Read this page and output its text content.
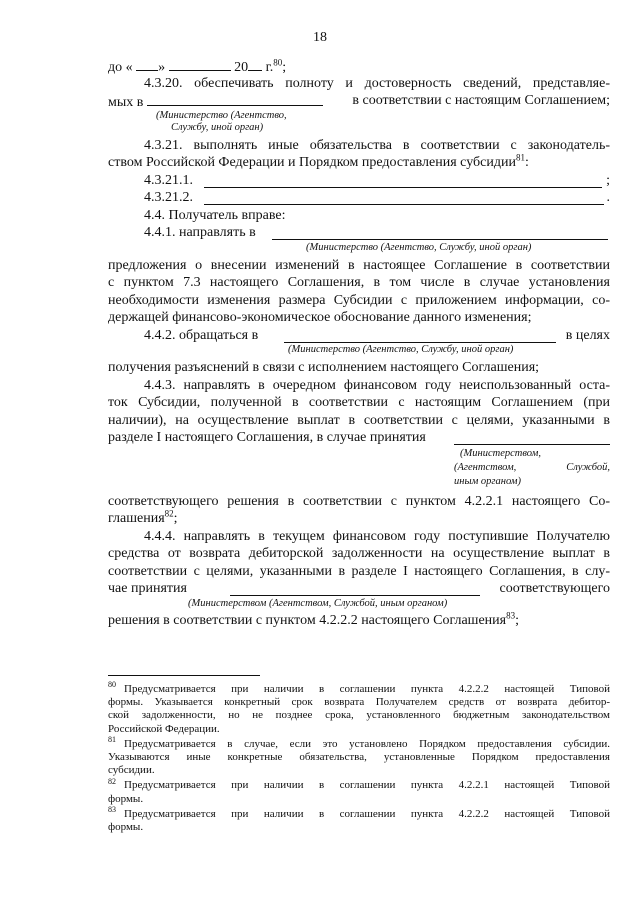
18
до « »	20 г.$^{80}$;
4.3.20. обеспечивать полноту и достоверность сведений, представляе-
мых в	в соответствии с настоящим Соглашением;
(Министерство (Агентство,
Службу, иной орган)
4.3.21. выполнять иные обязательства в соответствии с законодатель-
ством Российской Федерации и Порядком предоставления субсидии$^{81}$:
4.3.21.1.	;
4.3.21.2.	.
4.4. Получатель вправе:
4.4.1. направлять в
(Министерство (Агентство, Службу, иной орган)
предложения о внесении изменений в настоящее Соглашение в соответствии
с пунктом 7.3 настоящего Соглашения, в том числе в случае установления
необходимости изменения размера Субсидии с приложением информации, со-
держащей финансово-экономическое обоснование данного изменения;
4.4.2. обращаться в	в целях
(Министерство (Агентство, Службу, иной орган)
получения разъяснений в связи с исполнением настоящего Соглашения;
4.4.3. направлять в очередном финансовом году неиспользованный оста-
ток Субсидии, полученной в соответствии с настоящим Соглашением (при
наличии), на осуществление выплат в соответствии с целями, указанными в
разделе I настоящего Соглашения, в случае принятия
(Министерством,
(Агентством,	Службой,
иным органом)
соответствующего решения в соответствии с пунктом 4.2.2.1 настоящего Со-
глашения$^{82}$;
4.4.4. направлять в текущем финансовом году поступившие Получателю
средства от возврата дебиторской задолженности на осуществление выплат в
соответствии с целями, указанными в разделе I настоящего Соглашения, в слу-
чае принятия	соответствующего
(Министерством (Агентством, Службой, иным органом)
решения в соответствии с пунктом 4.2.2.2 настоящего Соглашения$^{83}$;

$^{80}$ Предусматривается при наличии в соглашении пункта 4.2.2.2 настоящей Типовой

формы. Указывается конкретный срок возврата Получателем средств от возврата дебитор-

ской задолженности, но не позднее срока, установленного бюджетным законодательством

Российской Федерации.

$^{81}$ Предусматривается в случае, если это установлено Порядком предоставления субсидии.

Указываются иные конкретные обязательства, установленные Порядком предоставления

субсидии.

$^{82}$ Предусматривается при наличии в соглашении пункта 4.2.2.1 настоящей Типовой

формы.

$^{83}$ Предусматривается при наличии в соглашении пункта 4.2.2.2 настоящей Типовой

формы.
